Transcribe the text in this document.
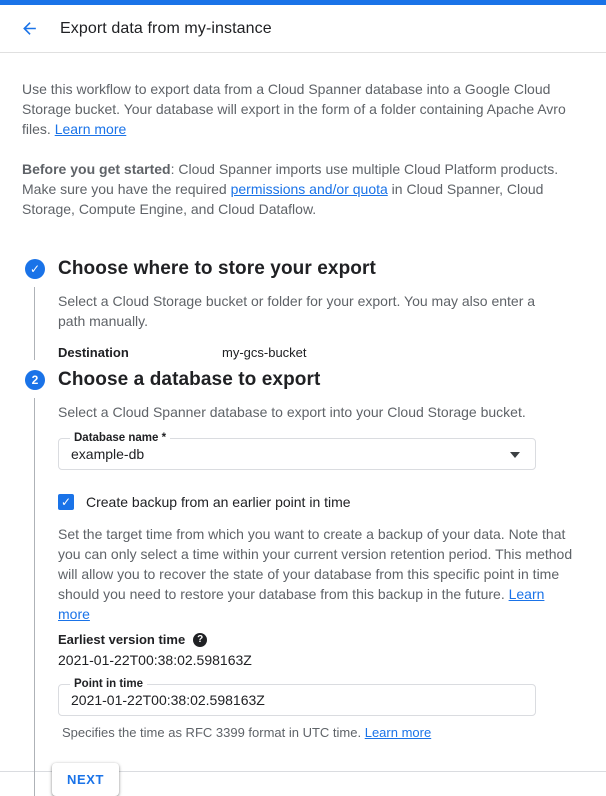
Export data from my-instance

Use this workflow to export data from a Cloud Spanner database into a Google Cloud Storage bucket. Your database will export in the form of a folder containing Apache Avro files. Learn more

Before you get started: Cloud Spanner imports use multiple Cloud Platform products. Make sure you have the required permissions and/or quota in Cloud Spanner, Cloud Storage, Compute Engine, and Cloud Dataflow.

✓ Choose where to store your export

Select a Cloud Storage bucket or folder for your export. You may also enter a path manually.

Destination	my-gcs-bucket
2 Choose a database to export

Select a Cloud Spanner database to export into your Cloud Storage bucket.

Database name *
example-db
✓ Create backup from an earlier point in time

Set the target time from which you want to create a backup of your data. Note that you can only select a time within your current version retention period. This method will allow you to recover the state of your database from this specific point in time should you need to restore your database from this backup in the future. Learn more

Earliest version time ?
2021-01-22T00:38:02.598163Z
Point in time
2021-01-22T00:38:02.598163Z

Specifies the time as RFC 3399 format in UTC time. Learn more

NEXT
